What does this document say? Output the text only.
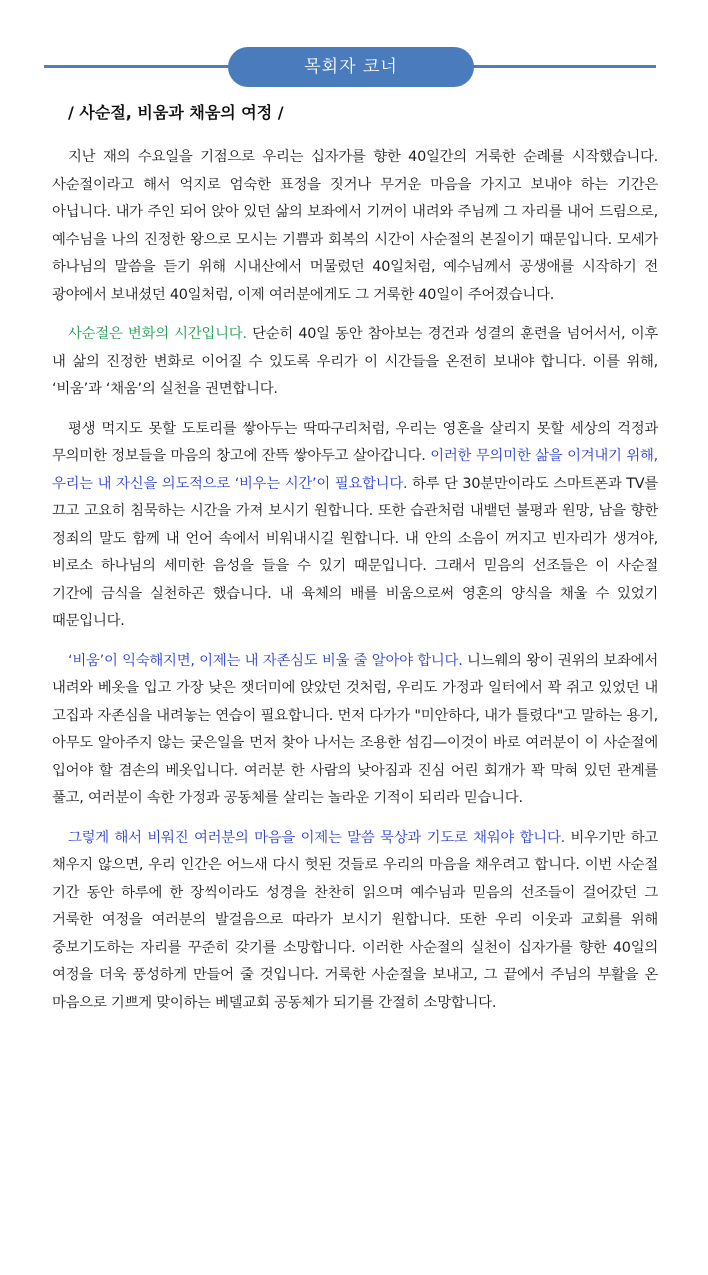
목회자 코너
/ 사순절, 비움과 채움의 여정 /

지난 재의 수요일을 기점으로 우리는 십자가를 향한 40일간의 거룩한 순례를 시작했습니다. 사순절이라고 해서 억지로 엄숙한 표정을 짓거나 무거운 마음을 가지고 보내야 하는 기간은 아닙니다. 내가 주인 되어 앉아 있던 삶의 보좌에서 기꺼이 내려와 주님께 그 자리를 내어 드림으로, 예수님을 나의 진정한 왕으로 모시는 기쁨과 회복의 시간이 사순절의 본질이기 때문입니다. 모세가 하나님의 말씀을 듣기 위해 시내산에서 머물렀던 40일처럼, 예수님께서 공생애를 시작하기 전 광야에서 보내셨던 40일처럼, 이제 여러분에게도 그 거룩한 40일이 주어졌습니다.

사순절은 변화의 시간입니다. 단순히 40일 동안 참아보는 경건과 성결의 훈련을 넘어서서, 이후 내 삶의 진정한 변화로 이어질 수 있도록 우리가 이 시간들을 온전히 보내야 합니다. 이를 위해, ‘비움’과 ‘채움’의 실천을 권면합니다.

평생 먹지도 못할 도토리를 쌓아두는 딱따구리처럼, 우리는 영혼을 살리지 못할 세상의 걱정과 무의미한 정보들을 마음의 창고에 잔뜩 쌓아두고 살아갑니다. 이러한 무의미한 삶을 이겨내기 위해, 우리는 내 자신을 의도적으로 ‘비우는 시간’이 필요합니다. 하루 단 30분만이라도 스마트폰과 TV를 끄고 고요히 침묵하는 시간을 가져 보시기 원합니다. 또한 습관처럼 내뱉던 불평과 원망, 남을 향한 정죄의 말도 함께 내 언어 속에서 비워내시길 원합니다. 내 안의 소음이 꺼지고 빈자리가 생겨야, 비로소 하나님의 세미한 음성을 들을 수 있기 때문입니다. 그래서 믿음의 선조들은 이 사순절 기간에 금식을 실천하곤 했습니다. 내 육체의 배를 비움으로써 영혼의 양식을 채울 수 있었기 때문입니다.

‘비움’이 익숙해지면, 이제는 내 자존심도 비울 줄 알아야 합니다. 니느웨의 왕이 권위의 보좌에서 내려와 베옷을 입고 가장 낮은 잿더미에 앉았던 것처럼, 우리도 가정과 일터에서 꽉 쥐고 있었던 내 고집과 자존심을 내려놓는 연습이 필요합니다. 먼저 다가가 "미안하다, 내가 틀렸다"고 말하는 용기, 아무도 알아주지 않는 궂은일을 먼저 찾아 나서는 조용한 섬김—이것이 바로 여러분이 이 사순절에 입어야 할 겸손의 베옷입니다. 여러분 한 사람의 낮아짐과 진심 어린 회개가 꽉 막혀 있던 관계를 풀고, 여러분이 속한 가정과 공동체를 살리는 놀라운 기적이 되리라 믿습니다.

그렇게 해서 비워진 여러분의 마음을 이제는 말씀 묵상과 기도로 채워야 합니다. 비우기만 하고 채우지 않으면, 우리 인간은 어느새 다시 헛된 것들로 우리의 마음을 채우려고 합니다. 이번 사순절 기간 동안 하루에 한 장씩이라도 성경을 찬찬히 읽으며 예수님과 믿음의 선조들이 걸어갔던 그 거룩한 여정을 여러분의 발걸음으로 따라가 보시기 원합니다. 또한 우리 이웃과 교회를 위해 중보기도하는 자리를 꾸준히 갖기를 소망합니다. 이러한 사순절의 실천이 십자가를 향한 40일의 여정을 더욱 풍성하게 만들어 줄 것입니다. 거룩한 사순절을 보내고, 그 끝에서 주님의 부활을 온 마음으로 기쁘게 맞이하는 베델교회 공동체가 되기를 간절히 소망합니다.
